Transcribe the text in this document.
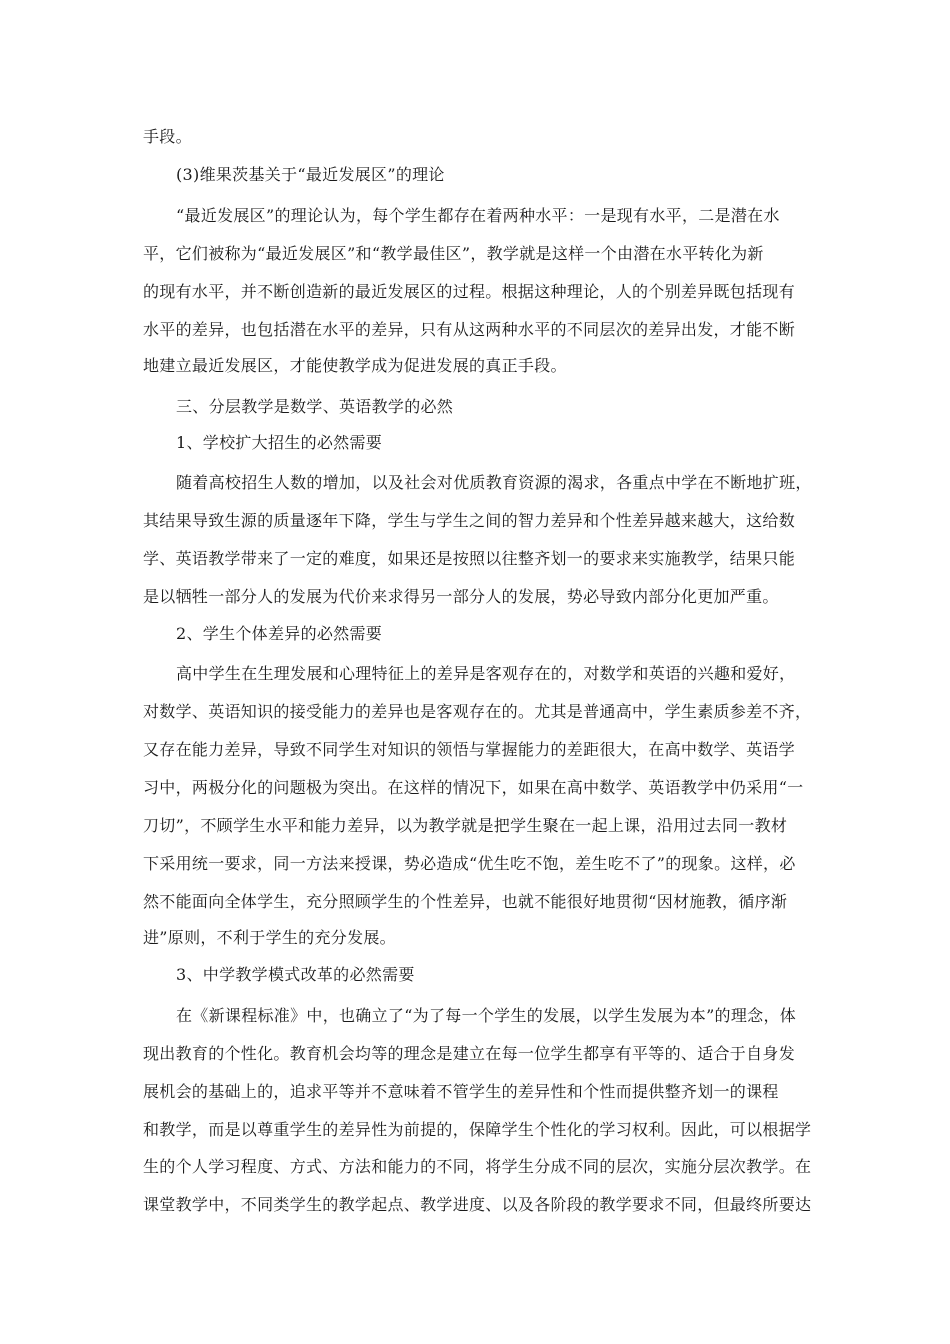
手段。
(3)维果茨基关于“最近发展区”的理论
“最近发展区”的理论认为，每个学生都存在着两种水平：一是现有水平，二是潜在水
平，它们被称为“最近发展区”和“教学最佳区”，教学就是这样一个由潜在水平转化为新
的现有水平，并不断创造新的最近发展区的过程。根据这种理论，人的个别差异既包括现有
水平的差异，也包括潜在水平的差异，只有从这两种水平的不同层次的差异出发，才能不断
地建立最近发展区，才能使教学成为促进发展的真正手段。
三、分层教学是数学、英语教学的必然
1、学校扩大招生的必然需要
随着高校招生人数的增加，以及社会对优质教育资源的渴求，各重点中学在不断地扩班，
其结果导致生源的质量逐年下降，学生与学生之间的智力差异和个性差异越来越大，这给数
学、英语教学带来了一定的难度，如果还是按照以往整齐划一的要求来实施教学，结果只能
是以牺牲一部分人的发展为代价来求得另一部分人的发展，势必导致内部分化更加严重。
2、学生个体差异的必然需要
高中学生在生理发展和心理特征上的差异是客观存在的，对数学和英语的兴趣和爱好，
对数学、英语知识的接受能力的差异也是客观存在的。尤其是普通高中，学生素质参差不齐，
又存在能力差异，导致不同学生对知识的领悟与掌握能力的差距很大，在高中数学、英语学
习中，两极分化的问题极为突出。在这样的情况下，如果在高中数学、英语教学中仍采用“一
刀切”，不顾学生水平和能力差异，以为教学就是把学生聚在一起上课，沿用过去同一教材
下采用统一要求，同一方法来授课，势必造成“优生吃不饱，差生吃不了”的现象。这样，必
然不能面向全体学生，充分照顾学生的个性差异，也就不能很好地贯彻“因材施教，循序渐
进”原则，不利于学生的充分发展。
3、中学教学模式改革的必然需要
在《新课程标准》中，也确立了“为了每一个学生的发展，以学生发展为本”的理念，体
现出教育的个性化。教育机会均等的理念是建立在每一位学生都享有平等的、适合于自身发
展机会的基础上的，追求平等并不意味着不管学生的差异性和个性而提供整齐划一的课程
和教学，而是以尊重学生的差异性为前提的，保障学生个性化的学习权利。因此，可以根据学
生的个人学习程度、方式、方法和能力的不同，将学生分成不同的层次，实施分层次教学。在
课堂教学中，不同类学生的教学起点、教学进度、以及各阶段的教学要求不同，但最终所要达
